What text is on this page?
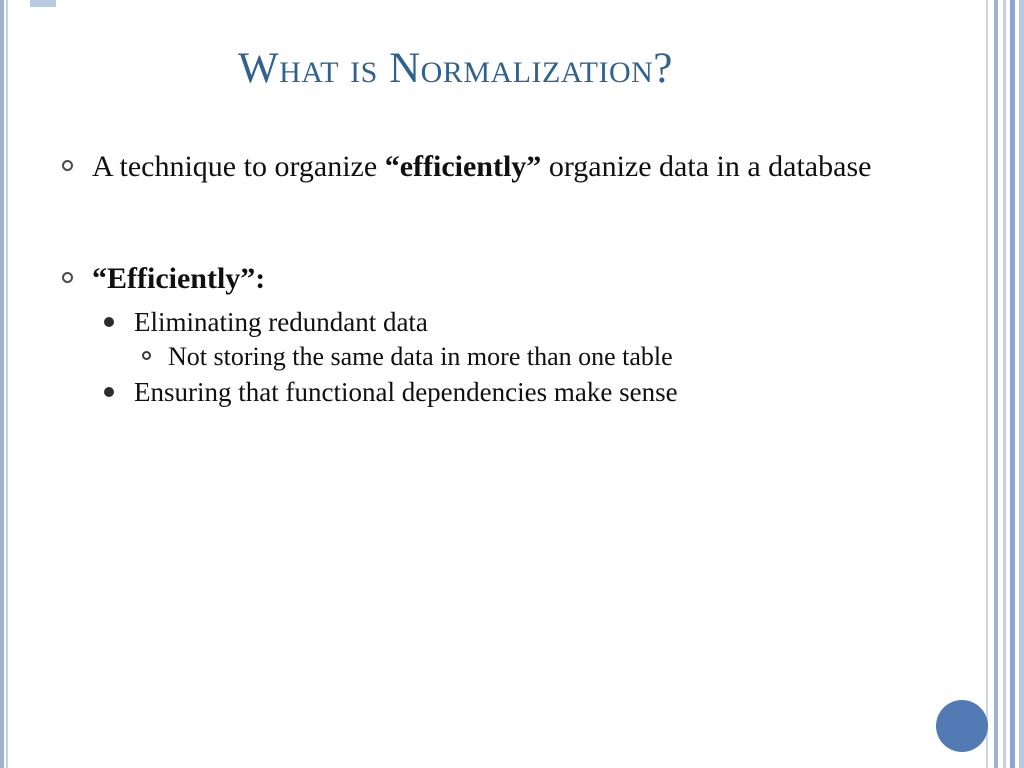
What is Normalization?
A technique to organize “efficiently” organize data in a database
“Efficiently”:
Eliminating redundant data
Not storing the same data in more than one table
Ensuring that functional dependencies make sense
